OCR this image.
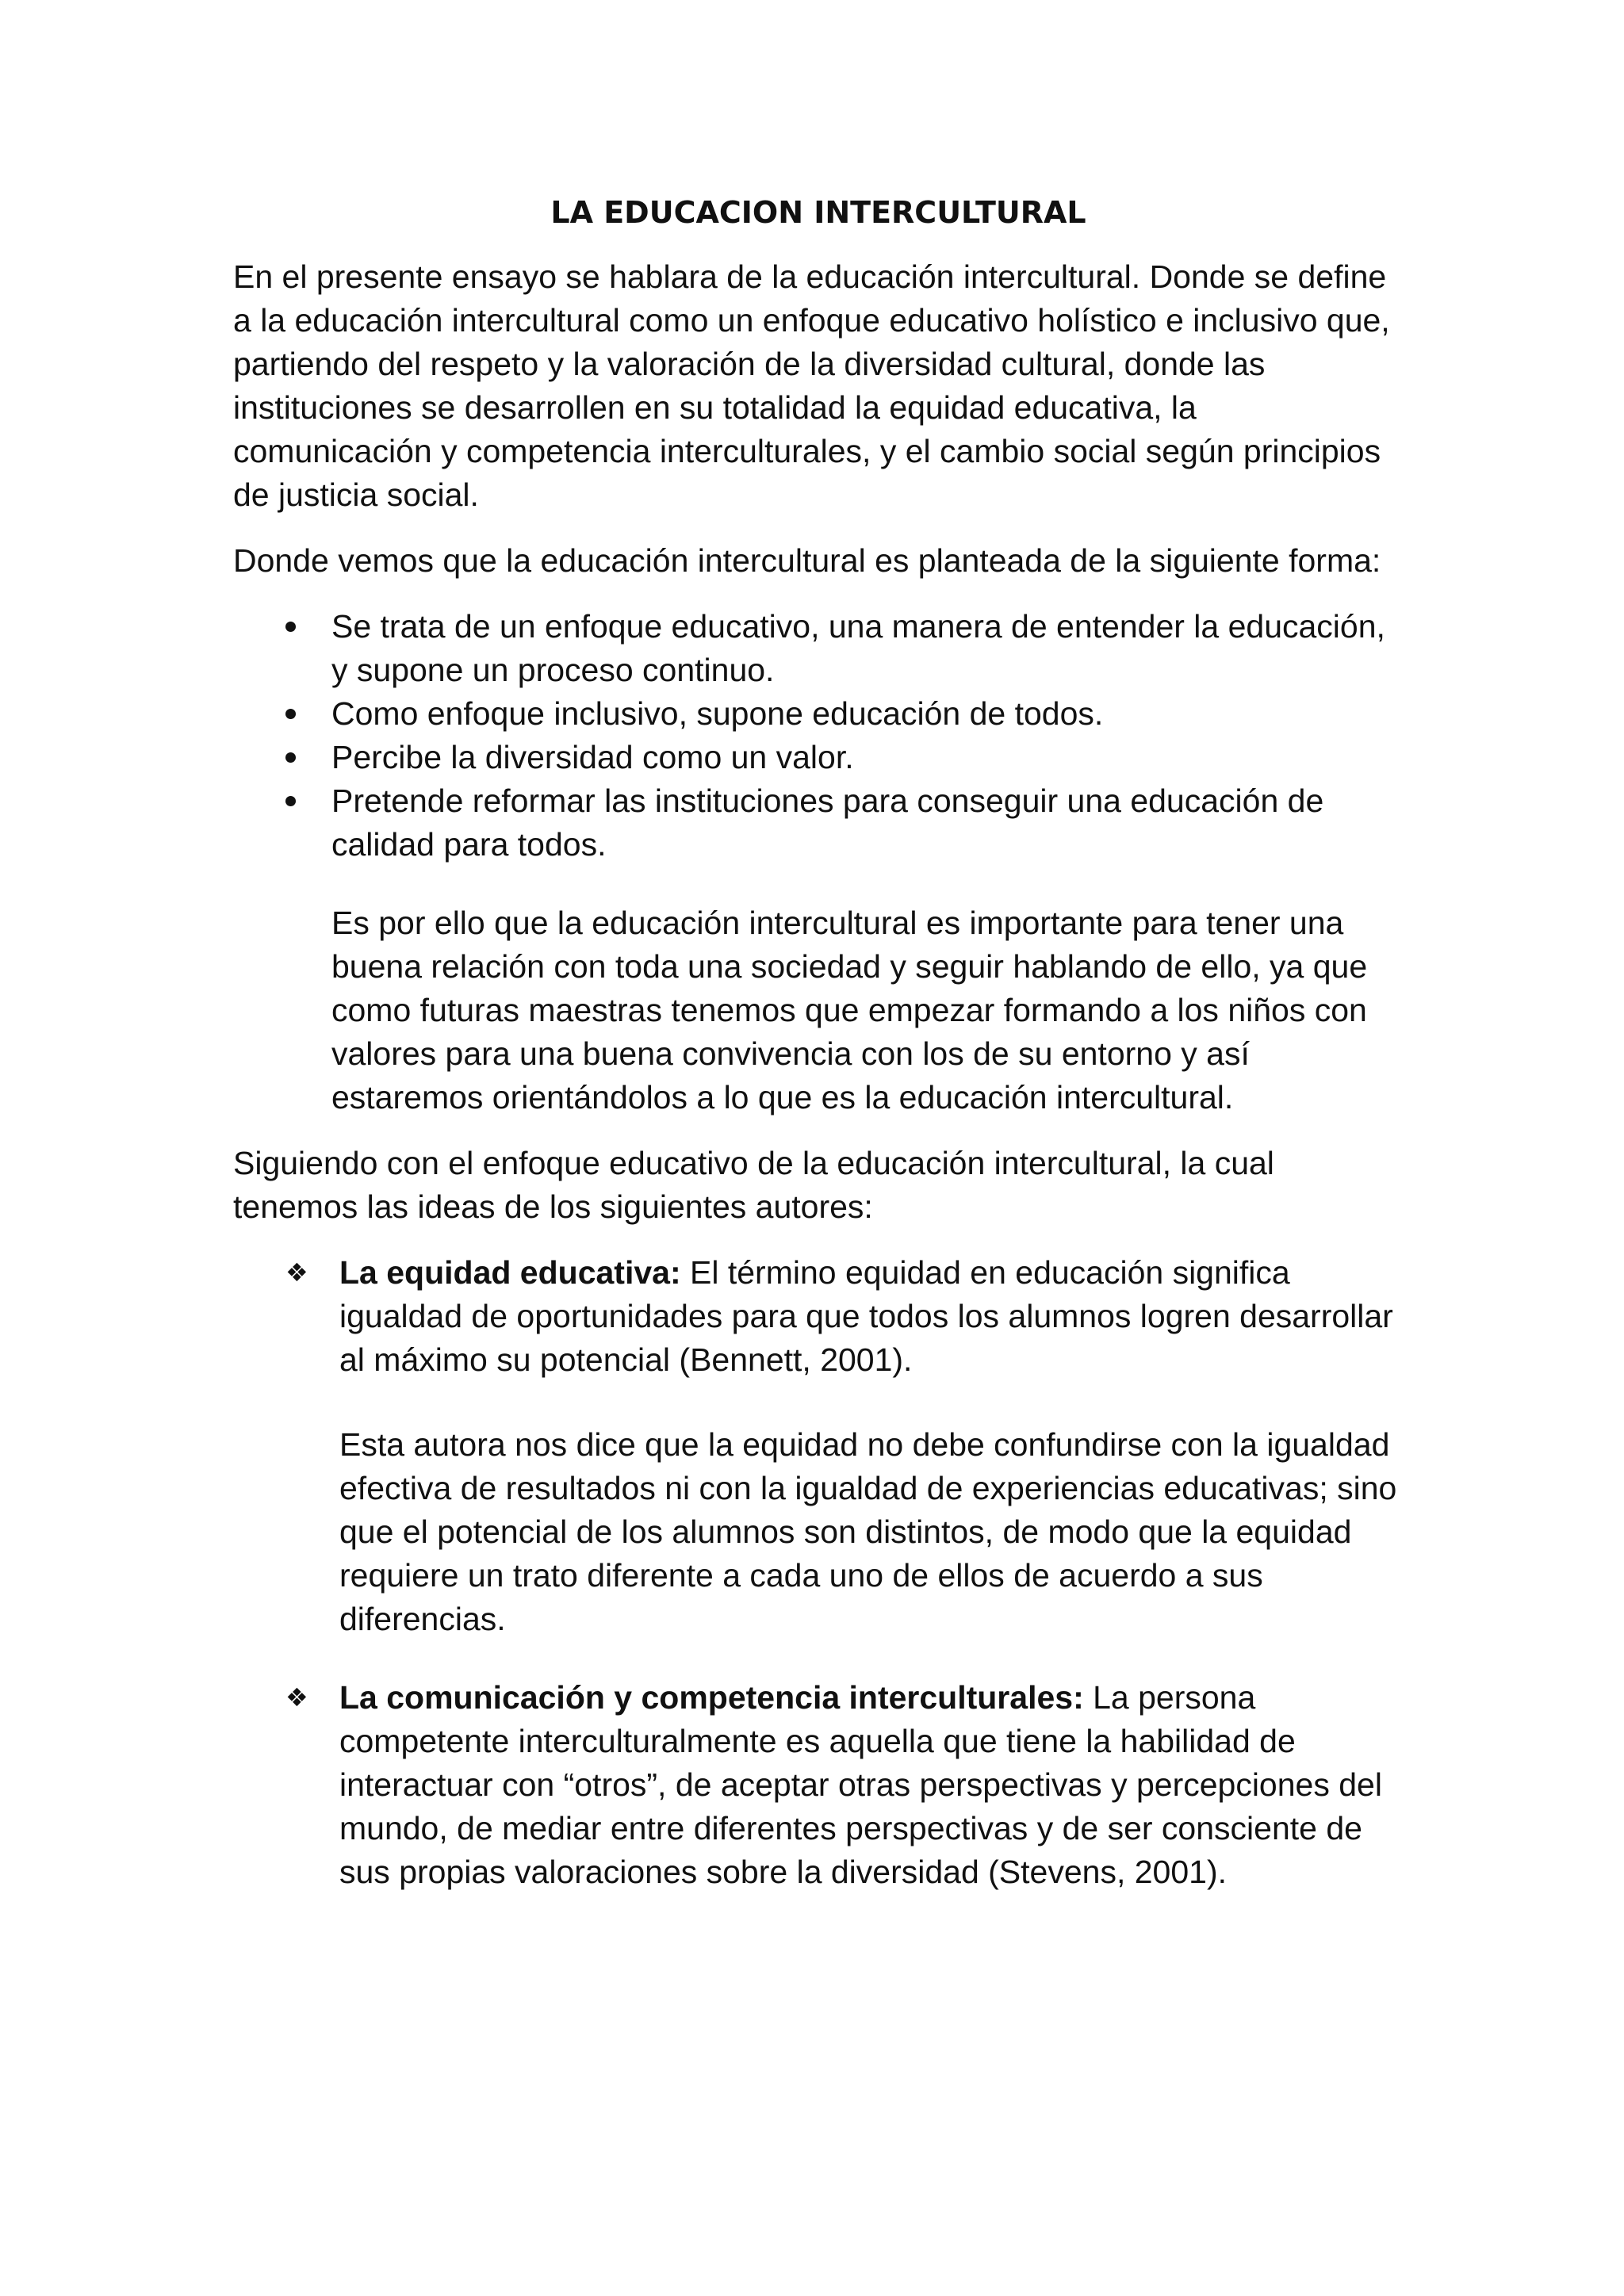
LA EDUCACION INTERCULTURAL

En el presente ensayo se hablara de la educación intercultural. Donde se define a la educación intercultural como un enfoque educativo holístico e inclusivo que, partiendo del respeto y la valoración de la diversidad cultural, donde las instituciones se desarrollen en su totalidad la equidad educativa, la comunicación y competencia interculturales, y el cambio social según principios de justicia social.

Donde vemos que la educación intercultural es planteada de la siguiente forma:

Se trata de un enfoque educativo, una manera de entender la educación, y supone un proceso continuo.
Como enfoque inclusivo, supone educación de todos.
Percibe la diversidad como un valor.
Pretende reformar las instituciones para conseguir una educación de calidad para todos.

Es por ello que la educación intercultural es importante para tener una buena relación con toda una sociedad y seguir hablando de ello, ya que como futuras maestras tenemos que empezar formando a los niños con valores para una buena convivencia con los de su entorno y así estaremos orientándolos a lo que es la educación intercultural.

Siguiendo con el enfoque educativo de la educación intercultural, la cual tenemos las ideas de los siguientes autores:

❖ La equidad educativa: El término equidad en educación significa igualdad de oportunidades para que todos los alumnos logren desarrollar al máximo su potencial (Bennett, 2001).
Esta autora nos dice que la equidad no debe confundirse con la igualdad efectiva de resultados ni con la igualdad de experiencias educativas; sino que el potencial de los alumnos son distintos, de modo que la equidad requiere un trato diferente a cada uno de ellos de acuerdo a sus diferencias.
❖ La comunicación y competencia interculturales: La persona competente interculturalmente es aquella que tiene la habilidad de interactuar con “otros”, de aceptar otras perspectivas y percepciones del mundo, de mediar entre diferentes perspectivas y de ser consciente de sus propias valoraciones sobre la diversidad (Stevens, 2001).
